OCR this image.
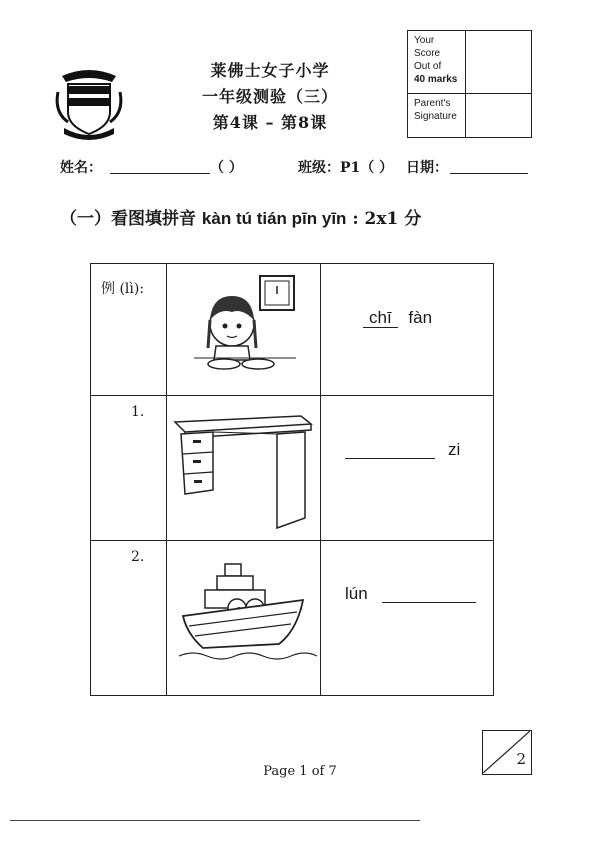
莱佛士女子小学
一年级测验（三）
第4课 – 第8课
Your
Score
Out of
40 marks
Parent's
Signature
姓名：	（ ）	班级：P1（ ） 日期：
（一）看图填拼音 kàn tú tián pīn yīn : 2x1 分
例 (lì):
chī fàn
1.
zi
2.
lún
Page 1 of 7
2
